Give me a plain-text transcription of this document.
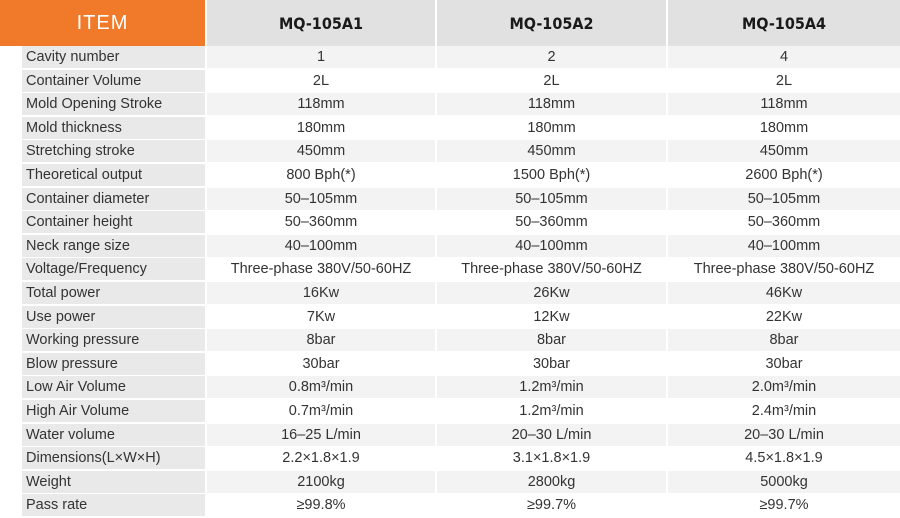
ITEM	MQ-105A1	MQ-105A2	MQ-105A4
Cavity number	1	2	4
Container Volume	2L	2L	2L
Mold Opening Stroke	118mm	118mm	118mm
Mold thickness	180mm	180mm	180mm
Stretching stroke	450mm	450mm	450mm
Theoretical output	800 Bph(*)	1500 Bph(*)	2600 Bph(*)
Container diameter	50–105mm	50–105mm	50–105mm
Container height	50–360mm	50–360mm	50–360mm
Neck range size	40–100mm	40–100mm	40–100mm
Voltage/Frequency	Three-phase 380V/50-60HZ	Three-phase 380V/50-60HZ	Three-phase 380V/50-60HZ
Total power	16Kw	26Kw	46Kw
Use power	7Kw	12Kw	22Kw
Working pressure	8bar	8bar	8bar
Blow pressure	30bar	30bar	30bar
Low Air Volume	0.8m³/min	1.2m³/min	2.0m³/min
High Air Volume	0.7m³/min	1.2m³/min	2.4m³/min
Water volume	16–25 L/min	20–30 L/min	20–30 L/min
Dimensions(L×W×H)	2.2×1.8×1.9	3.1×1.8×1.9	4.5×1.8×1.9
Weight	2100kg	2800kg	5000kg
Pass rate	≥99.8%	≥99.7%	≥99.7%
